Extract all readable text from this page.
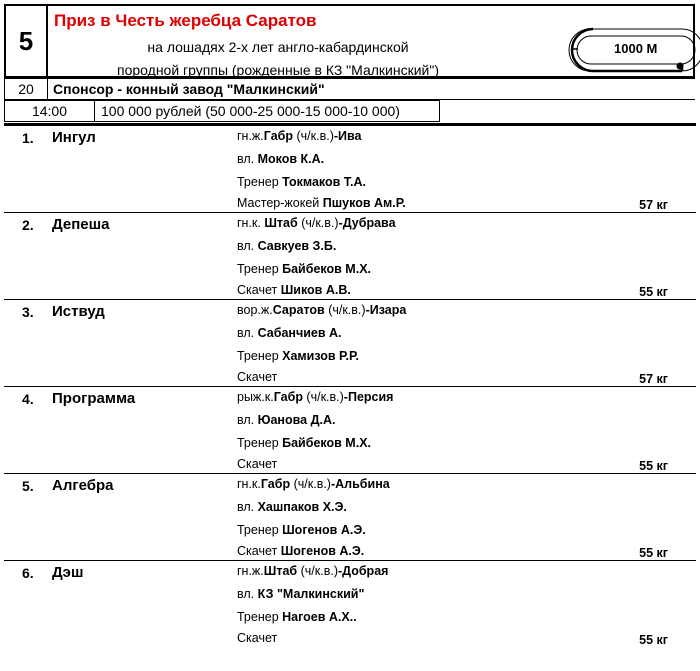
5
Приз в Честь жеребца Саратов
на лошадях 2-х лет англо-кабардинской
породной группы (рожденные в КЗ "Малкинский")
1000 М
20	Спонсор - конный завод "Малкинский"
14:00	100 000 рублей (50 000-25 000-15 000-10 000)
1. Ингул	гн.ж.Габр (ч/к.в.)-Ива
вл. Моков К.А.
Тренер Токмаков Т.А.
Мастер-жокей Пшуков Ам.Р.	57 кг
2. Депеша	гн.к. Штаб (ч/к.в.)-Дубрава
вл. Савкуев З.Б.
Тренер Байбеков М.Х.
Скачет Шиков А.В.	55 кг
3. Иствуд	вор.ж.Саратов (ч/к.в.)-Изара
вл. Сабанчиев А.
Тренер Хамизов Р.Р.
Скачет	57 кг
4. Программа	рыж.к.Габр (ч/к.в.)-Персия
вл. Юанова Д.А.
Тренер Байбеков М.Х.
Скачет	55 кг
5. Алгебра	гн.к.Габр (ч/к.в.)-Альбина
вл. Хашпаков Х.Э.
Тренер Шогенов А.Э.
Скачет Шогенов А.Э.	55 кг
6. Дэш	гн.ж.Штаб (ч/к.в.)-Добрая
вл. КЗ "Малкинский"
Тренер Нагоев А.Х..
Скачет	55 кг
